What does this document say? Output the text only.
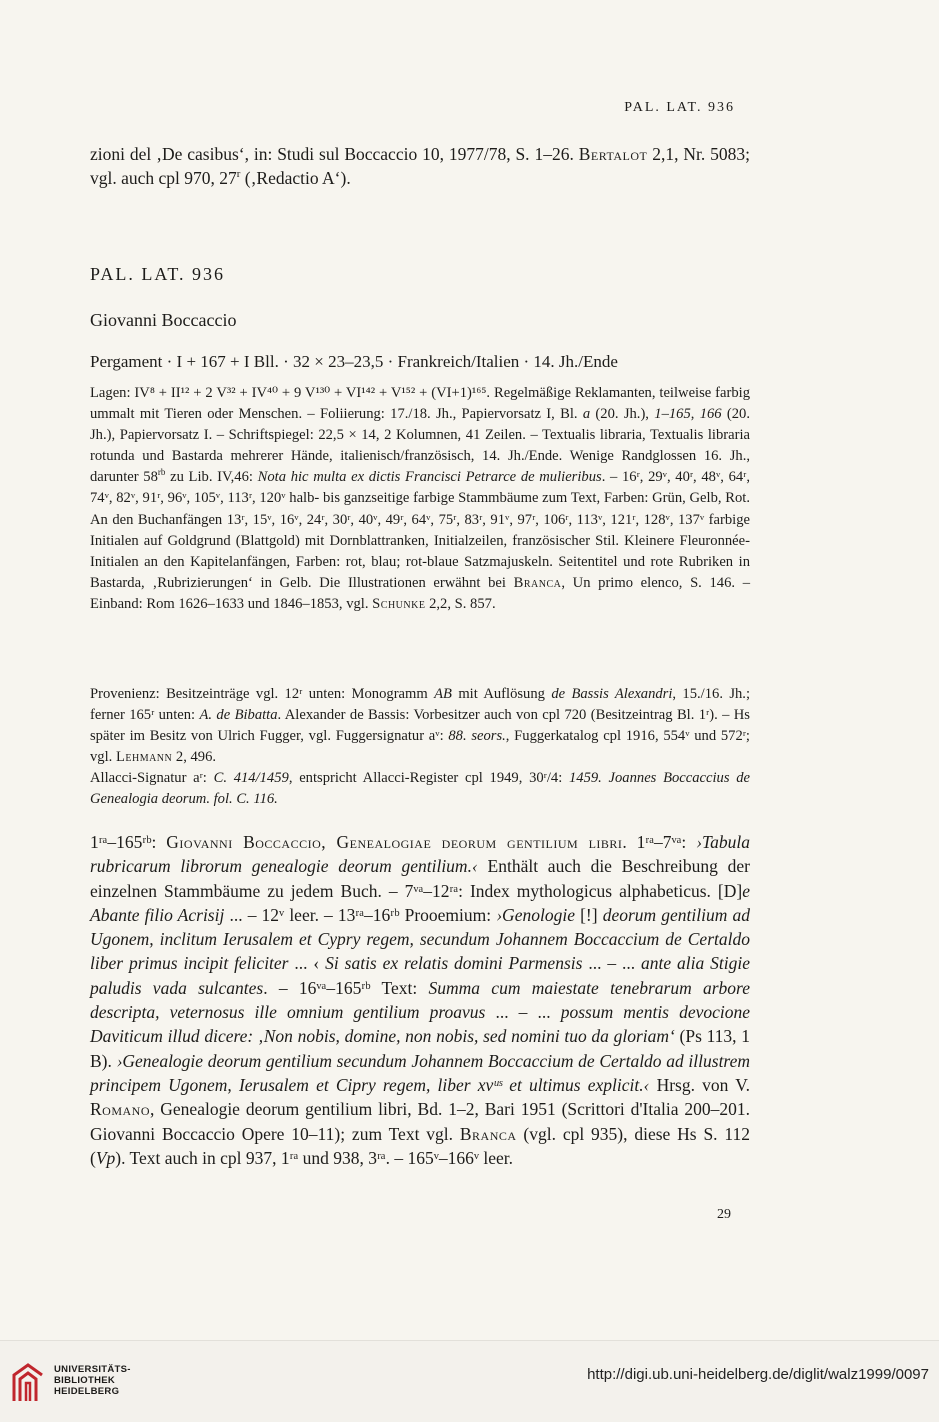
PAL. LAT. 936

zioni del ‚De casibus‘, in: Studi sul Boccaccio 10, 1977/78, S. 1–26. Bertalot 2,1, Nr. 5083; vgl. auch cpl 970, 27$^r$ (‚Redactio A‘).

PAL. LAT. 936
Giovanni Boccaccio
Pergament · I + 167 + I Bll. · 32 × 23–23,5 · Frankreich/Italien · 14. Jh./Ende

Lagen: IV⁸ + II¹² + 2 V³² + IV⁴⁰ + 9 V¹³⁰ + VI¹⁴² + V¹⁵² + (VI+1)¹⁶⁵. Regelmäßige Reklamanten, teilweise farbig ummalt mit Tieren oder Menschen. – Foliierung: 17./18. Jh., Papiervorsatz I, Bl. a (20. Jh.), 1–165, 166 (20. Jh.), Papiervorsatz I. – Schriftspiegel: 22,5 × 14, 2 Kolumnen, 41 Zeilen. – Textualis libraria, Textualis libraria rotunda und Bastarda mehrerer Hände, italienisch/französisch, 14. Jh./Ende. Wenige Randglossen 16. Jh., darunter $58^{rb}$ zu Lib. IV,46: Nota hic multa ex dictis Francisci Petrarce de mulieribus. – 16ʳ, 29ᵛ, 40ʳ, 48ᵛ, 64ʳ, 74ᵛ, 82ᵛ, 91ʳ, 96ᵛ, 105ᵛ, 113ʳ, 120ᵛ halb- bis ganzseitige farbige Stammbäume zum Text, Farben: Grün, Gelb, Rot. An den Buchanfängen 13ʳ, 15ᵛ, 16ᵛ, 24ʳ, 30ʳ, 40ᵛ, 49ʳ, 64ᵛ, 75ʳ, 83ʳ, 91ᵛ, 97ʳ, 106ʳ, 113ᵛ, 121ʳ, 128ᵛ, 137ᵛ farbige Initialen auf Goldgrund (Blattgold) mit Dornblattranken, Initialzeilen, französischer Stil. Kleinere Fleuronnée-Initialen an den Kapitelanfängen, Farben: rot, blau; rot-blaue Satzmajuskeln. Seitentitel und rote Rubriken in Bastarda, ‚Rubrizierungen‘ in Gelb. Die Illustrationen erwähnt bei Branca, Un primo elenco, S. 146. – Einband: Rom 1626–1633 und 1846–1853, vgl. Schunke 2,2, S. 857.

Provenienz: Besitzeinträge vgl. 12ʳ unten: Monogramm AB mit Auflösung de Bassis Alexandri, 15./16. Jh.; ferner 165ʳ unten: A. de Bibatta. Alexander de Bassis: Vorbesitzer auch von cpl 720 (Besitzeintrag Bl. 1ʳ). – Hs später im Besitz von Ulrich Fugger, vgl. Fuggersignatur aᵛ: 88. seors., Fuggerkatalog cpl 1916, 554ᵛ und 572ʳ; vgl. Lehmann 2, 496.

Allacci-Signatur aʳ: C. 414/1459, entspricht Allacci-Register cpl 1949, 30ʳ/4: 1459. Joannes Boccaccius de Genealogia deorum. fol. C. 116.

1ʳᵃ–165ʳᵇ: Giovanni Boccaccio, Genealogiae deorum gentilium libri. 1ʳᵃ–7ᵛᵃ: ›Tabula rubricarum librorum genealogie deorum gentilium.‹ Enthält auch die Beschreibung der einzelnen Stammbäume zu jedem Buch. – 7ᵛᵃ–12ʳᵃ: Index mythologicus alphabeticus. [D]e Abante filio Acrisij ... – 12ᵛ leer. – 13ʳᵃ–16ʳᵇ Prooemium: ›Genologie [!] deorum gentilium ad Ugonem, inclitum Ierusalem et Cypry regem, secundum Johannem Boccaccium de Certaldo liber primus incipit feliciter ... ‹ Si satis ex relatis domini Parmensis ... – ... ante alia Stigie paludis vada sulcantes. – 16ᵛᵃ–165ʳᵇ Text: Summa cum maiestate tenebrarum arbore descripta, veternosus ille omnium gentilium proavus ... – ... possum mentis devocione Daviticum illud dicere: ‚Non nobis, domine, non nobis, sed nomini tuo da gloriam‘ (Ps 113, 1 B). ›Genealogie deorum gentilium secundum Johannem Boccaccium de Certaldo ad illustrem principem Ugonem, Ierusalem et Cipry regem, liber xvᵘˢ et ultimus explicit.‹ Hrsg. von V. Romano, Genealogie deorum gentilium libri, Bd. 1–2, Bari 1951 (Scrittori d'Italia 200–201. Giovanni Boccaccio Opere 10–11); zum Text vgl. Branca (vgl. cpl 935), diese Hs S. 112 (Vp). Text auch in cpl 937, 1ʳᵃ und 938, 3ʳᵃ. – 165ᵛ–166ᵛ leer.

29
UNIVERSITÄTS-
BIBLIOTHEK
HEIDELBERG
http://digi.ub.uni-heidelberg.de/diglit/walz1999/0097
